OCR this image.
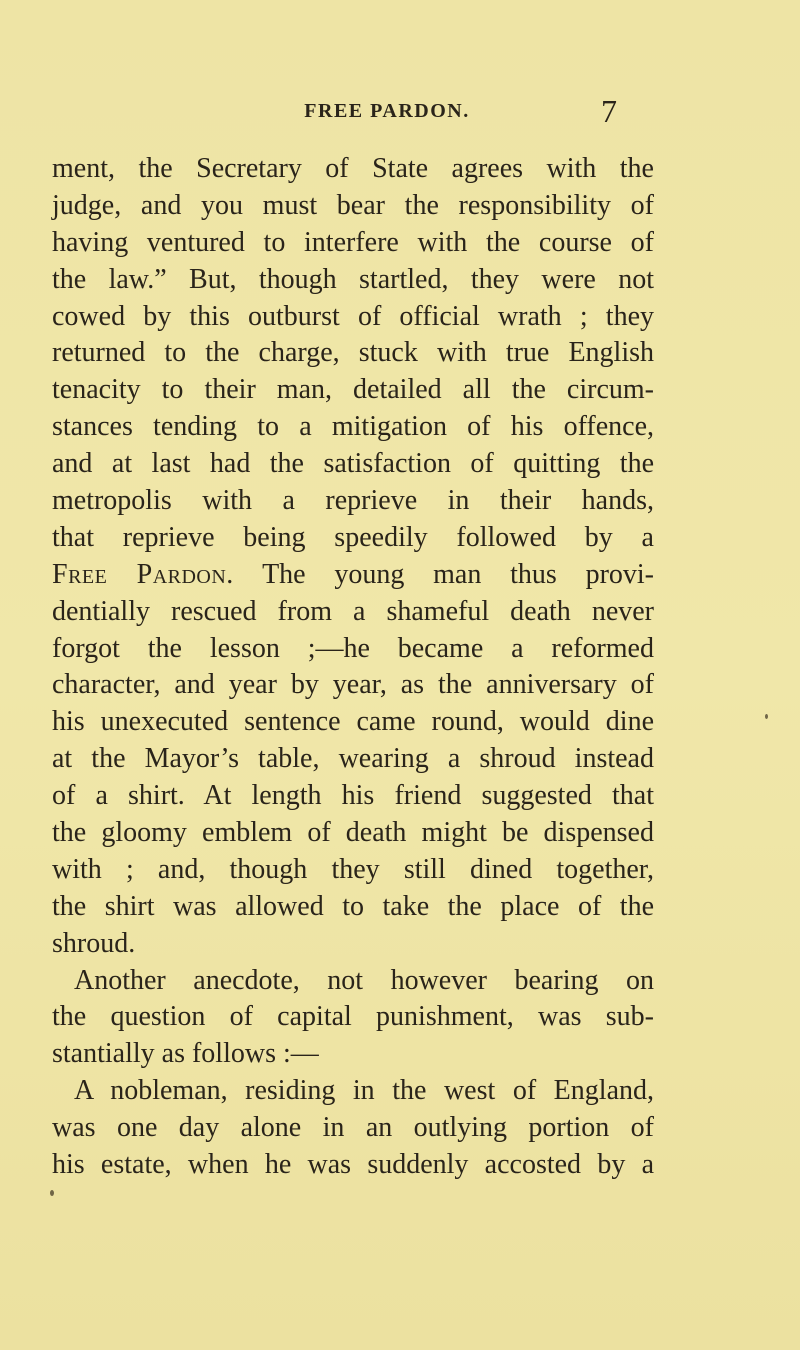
FREE PARDON.	7
ment, the Secretary of State agrees with the
judge, and you must bear the responsibility of
having ventured to interfere with the course of
the law.” But, though startled, they were not
cowed by this outburst of official wrath ; they
returned to the charge, stuck with true English
tenacity to their man, detailed all the circum-
stances tending to a mitigation of his offence,
and at last had the satisfaction of quitting the
metropolis with a reprieve in their hands,
that reprieve being speedily followed by a
Free Pardon. The young man thus provi-
dentially rescued from a shameful death never
forgot the lesson ;—he became a reformed
character, and year by year, as the anniversary of
his unexecuted sentence came round, would dine
at the Mayor’s table, wearing a shroud instead
of a shirt. At length his friend suggested that
the gloomy emblem of death might be dispensed
with ; and, though they still dined together,
the shirt was allowed to take the place of the
shroud.
Another anecdote, not however bearing on
the question of capital punishment, was sub-
stantially as follows :—
A nobleman, residing in the west of England,
was one day alone in an outlying portion of
his estate, when he was suddenly accosted by a
